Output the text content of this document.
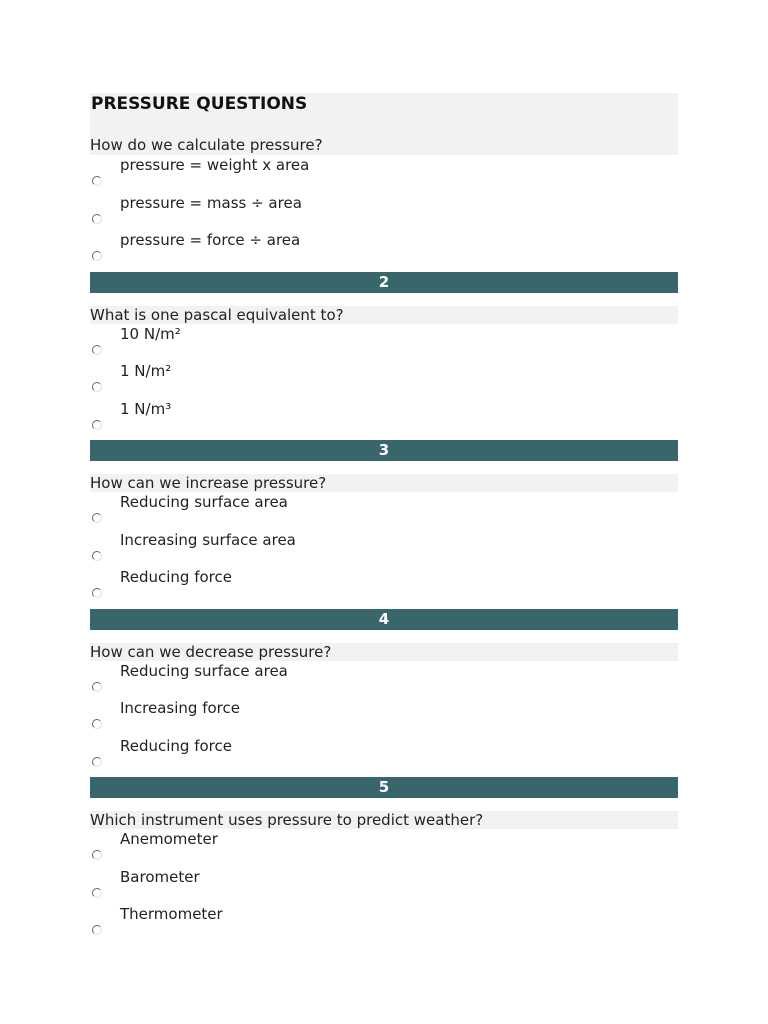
PRESSURE QUESTIONS
How do we calculate pressure?
pressure = weight x area
pressure = mass ÷ area
pressure = force ÷ area
2
What is one pascal equivalent to?
10 N/m²
1 N/m²
1 N/m³
3
How can we increase pressure?
Reducing surface area
Increasing surface area
Reducing force
4
How can we decrease pressure?
Reducing surface area
Increasing force
Reducing force
5
Which instrument uses pressure to predict weather?
Anemometer
Barometer
Thermometer
